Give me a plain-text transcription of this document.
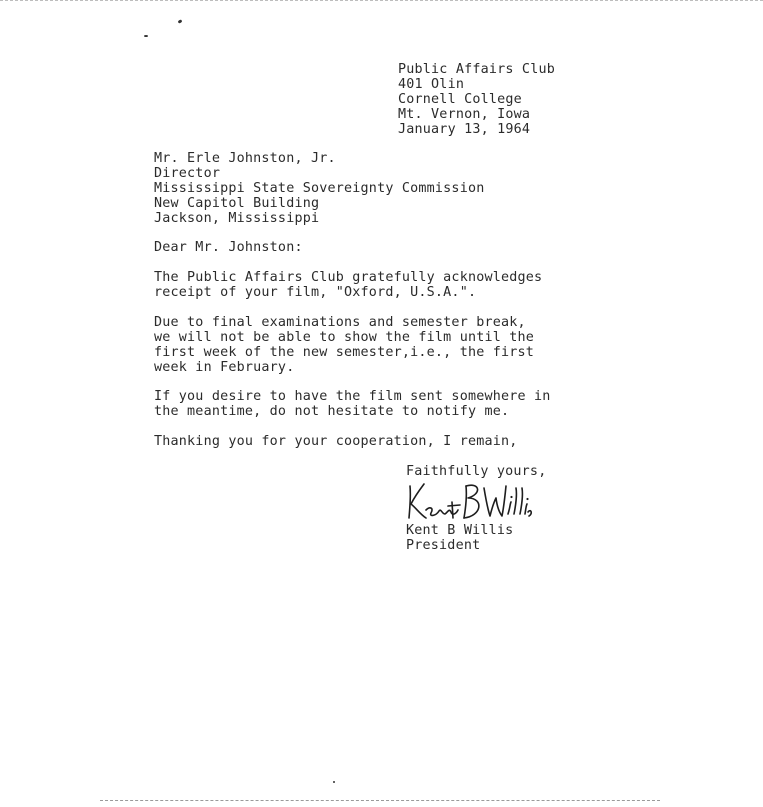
Public Affairs Club
401 Olin
Cornell College
Mt. Vernon, Iowa
January 13, 1964
Mr. Erle Johnston, Jr.
Director
Mississippi State Sovereignty Commission
New Capitol Building
Jackson, Mississippi
Dear Mr. Johnston:
The Public Affairs Club gratefully acknowledges
receipt of your film, "Oxford, U.S.A.".
Due to final examinations and semester break,
we will not be able to show the film until the
first week of the new semester,i.e., the first
week in February.
If you desire to have the film sent somewhere in
the meantime, do not hesitate to notify me.
Thanking you for your cooperation, I remain,
Faithfully yours,
Kent B Willis
President
